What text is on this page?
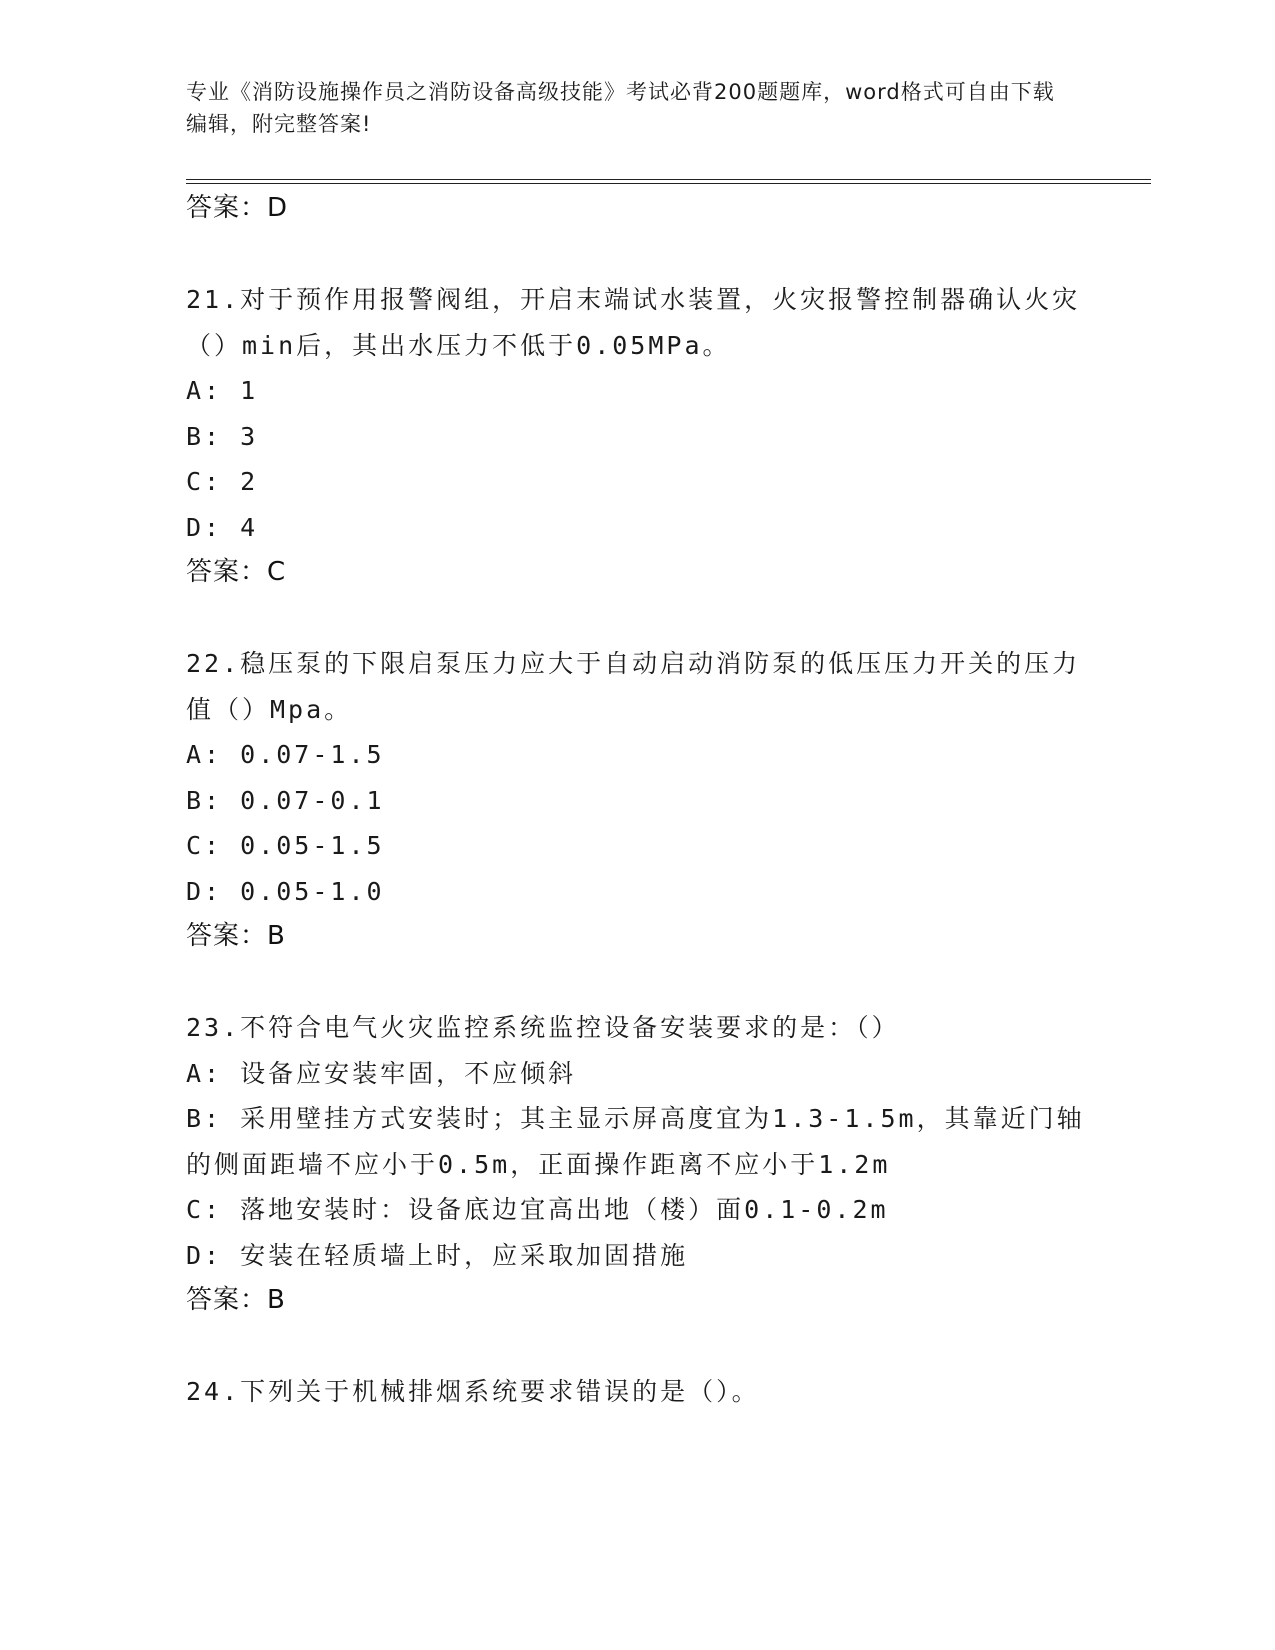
专业《消防设施操作员之消防设备高级技能》考试必背200题题库，word格式可自由下载编辑，附完整答案!
答案：D
21.对于预作用报警阀组，开启末端试水装置，火灾报警控制器确认火灾（）min后，其出水压力不低于0.05MPa。
A: 1
B: 3
C: 2
D: 4
答案：C
22.稳压泵的下限启泵压力应大于自动启动消防泵的低压压力开关的压力值（）Mpa。
A: 0.07-1.5
B: 0.07-0.1
C: 0.05-1.5
D: 0.05-1.0
答案：B
23.不符合电气火灾监控系统监控设备安装要求的是：（）
A: 设备应安装牢固，不应倾斜
B: 采用壁挂方式安装时；其主显示屏高度宜为1.3-1.5m，其靠近门轴的侧面距墙不应小于0.5m，正面操作距离不应小于1.2m
C: 落地安装时：设备底边宜高出地（楼）面0.1-0.2m
D: 安装在轻质墙上时，应采取加固措施
答案：B
24.下列关于机械排烟系统要求错误的是（）。
